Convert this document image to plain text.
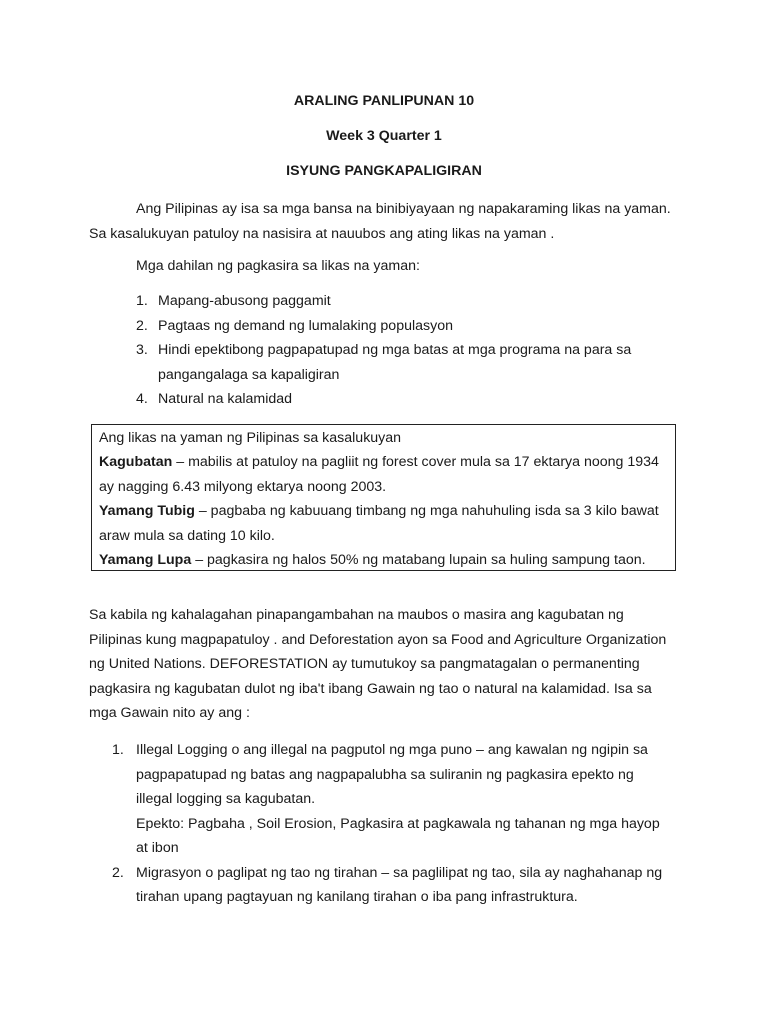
ARALING PANLIPUNAN 10
Week 3 Quarter 1
ISYUNG PANGKAPALIGIRAN

Ang Pilipinas ay isa sa mga bansa na binibiyayaan ng napakaraming likas na yaman. Sa kasalukuyan patuloy na nasisira at nauubos ang ating likas na yaman .

Mga dahilan ng pagkasira sa likas na yaman:

1. Mapang-abusong paggamit
2. Pagtaas ng demand ng lumalaking populasyon
3. Hindi epektibong pagpapatupad ng mga batas at mga programa na para sa pangangalaga sa kapaligiran
4. Natural na kalamidad
Ang likas na yaman ng Pilipinas sa kasalukuyan
Kagubatan – mabilis at patuloy na pagliit ng forest cover mula sa 17 ektarya noong 1934 ay nagging 6.43 milyong ektarya noong 2003.
Yamang Tubig – pagbaba ng kabuuang timbang ng mga nahuhuling isda sa 3 kilo bawat araw mula sa dating 10 kilo.
Yamang Lupa – pagkasira ng halos 50% ng matabang lupain sa huling sampung taon.

Sa kabila ng kahalagahan pinapangambahan na maubos o masira ang kagubatan ng Pilipinas kung magpapatuloy . and Deforestation ayon sa Food and Agriculture Organization ng United Nations. DEFORESTATION ay tumutukoy sa pangmatagalan o permanenting pagkasira ng kagubatan dulot ng iba't ibang Gawain ng tao o natural na kalamidad. Isa sa mga Gawain nito ay ang :

1. Illegal Logging o ang illegal na pagputol ng mga puno – ang kawalan ng ngipin sa pagpapatupad ng batas ang nagpapalubha sa suliranin ng pagkasira epekto ng illegal logging sa kagubatan.
Epekto: Pagbaha , Soil Erosion, Pagkasira at pagkawala ng tahanan ng mga hayop at ibon
2. Migrasyon o paglipat ng tao ng tirahan – sa paglilipat ng tao, sila ay naghahanap ng tirahan upang pagtayuan ng kanilang tirahan o iba pang infrastruktura.
